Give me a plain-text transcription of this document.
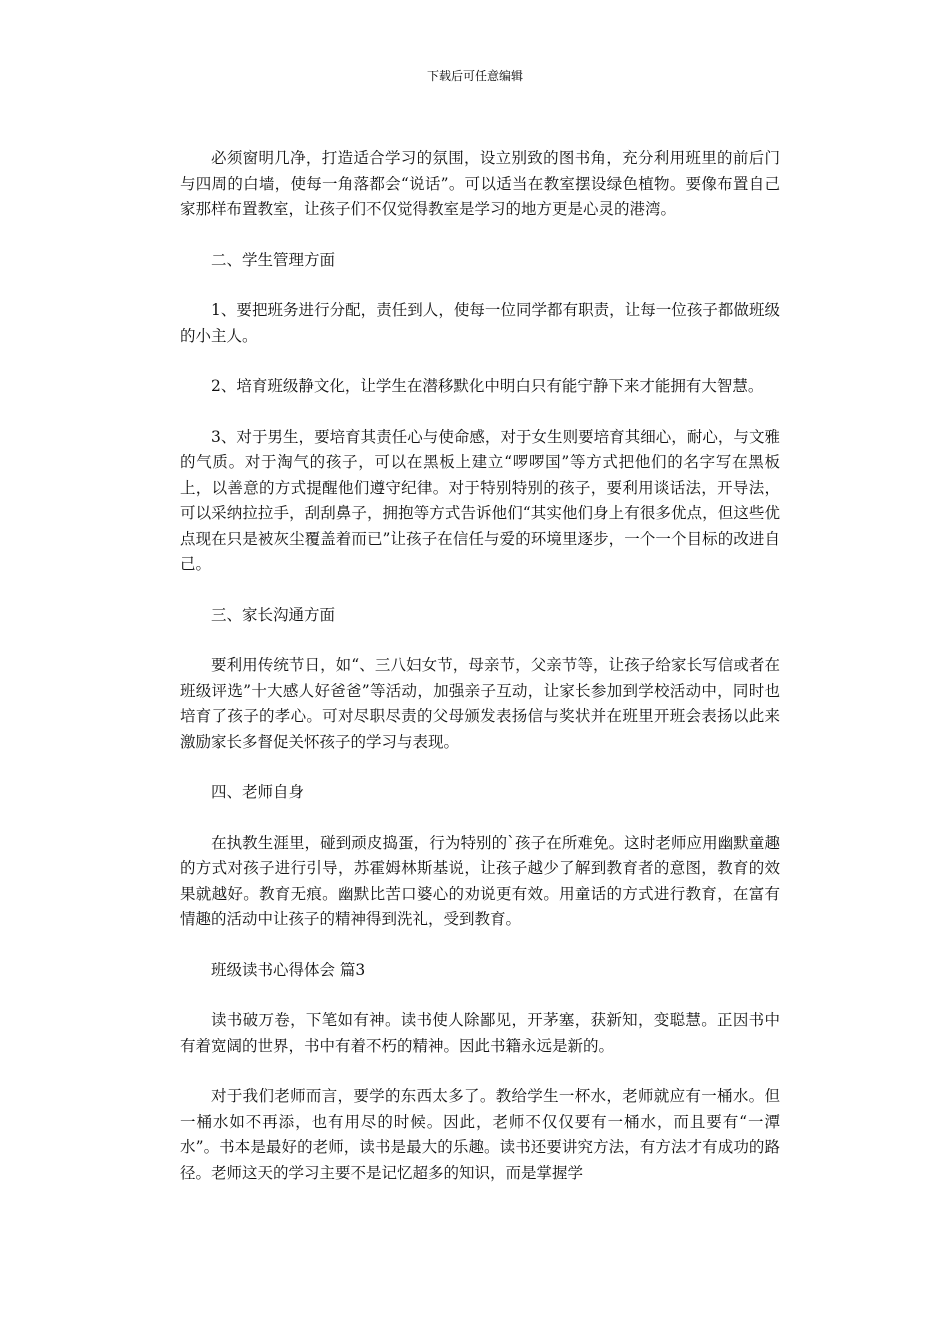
下载后可任意编辑

必须窗明几净，打造适合学习的氛围，设立别致的图书角，充分利用班里的前后门与四周的白墙，使每一角落都会“说话”。可以适当在教室摆设绿色植物。要像布置自己家那样布置教室，让孩子们不仅觉得教室是学习的地方更是心灵的港湾。

二、学生管理方面

1、要把班务进行分配，责任到人，使每一位同学都有职责，让每一位孩子都做班级的小主人。

2、培育班级静文化，让学生在潜移默化中明白只有能宁静下来才能拥有大智慧。

3、对于男生，要培育其责任心与使命感，对于女生则要培育其细心，耐心，与文雅的气质。对于淘气的孩子，可以在黑板上建立“啰啰国”等方式把他们的名字写在黑板上，以善意的方式提醒他们遵守纪律。对于特别特别的孩子，要利用谈话法，开导法，可以采纳拉拉手，刮刮鼻子，拥抱等方式告诉他们“其实他们身上有很多优点，但这些优点现在只是被灰尘覆盖着而已”让孩子在信任与爱的环境里逐步，一个一个目标的改进自己。

三、家长沟通方面

要利用传统节日，如“、三八妇女节，母亲节，父亲节等，让孩子给家长写信或者在班级评选”十大感人好爸爸”等活动，加强亲子互动，让家长参加到学校活动中，同时也培育了孩子的孝心。可对尽职尽责的父母颁发表扬信与奖状并在班里开班会表扬以此来激励家长多督促关怀孩子的学习与表现。

四、老师自身

在执教生涯里，碰到顽皮捣蛋，行为特别的`孩子在所难免。这时老师应用幽默童趣的方式对孩子进行引导，苏霍姆林斯基说，让孩子越少了解到教育者的意图，教育的效果就越好。教育无痕。幽默比苦口婆心的劝说更有效。用童话的方式进行教育，在富有情趣的活动中让孩子的精神得到洗礼，受到教育。

班级读书心得体会 篇3

读书破万卷，下笔如有神。读书使人除鄙见，开茅塞，获新知，变聪慧。正因书中有着宽阔的世界，书中有着不朽的精神。因此书籍永远是新的。

对于我们老师而言，要学的东西太多了。教给学生一杯水，老师就应有一桶水。但一桶水如不再添，也有用尽的时候。因此，老师不仅仅要有一桶水，而且要有“一潭水”。书本是最好的老师，读书是最大的乐趣。读书还要讲究方法，有方法才有成功的路径。老师这天的学习主要不是记忆超多的知识，而是掌握学
